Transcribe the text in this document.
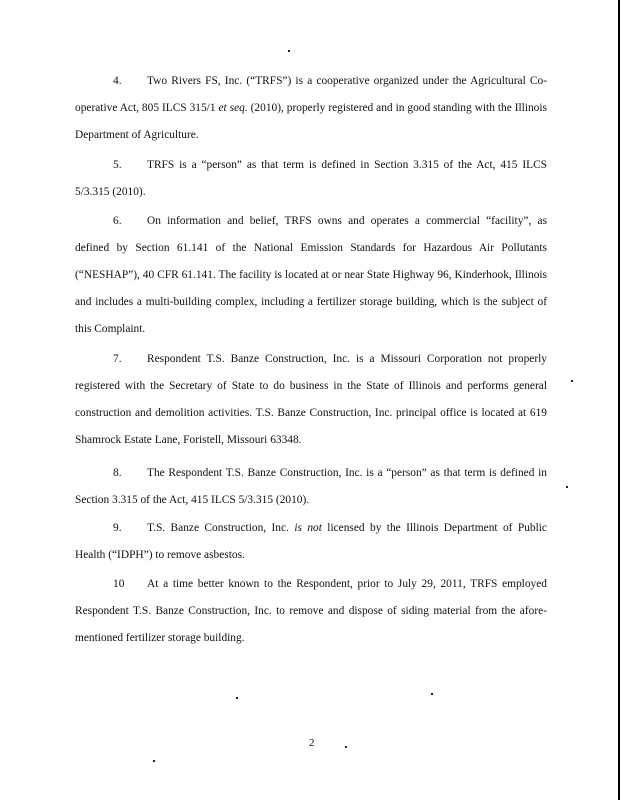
4. Two Rivers FS, Inc. (“TRFS”) is a cooperative organized under the Agricultural Co-operative Act, 805 ILCS 315/1 et seq. (2010), properly registered and in good standing with the Illinois Department of Agriculture.

5. TRFS is a “person” as that term is defined in Section 3.315 of the Act, 415 ILCS 5/3.315 (2010).

6. On information and belief, TRFS owns and operates a commercial “facility”, as defined by Section 61.141 of the National Emission Standards for Hazardous Air Pollutants (“NESHAP”), 40 CFR 61.141. The facility is located at or near State Highway 96, Kinderhook, Illinois and includes a multi-building complex, including a fertilizer storage building, which is the subject of this Complaint.

7. Respondent T.S. Banze Construction, Inc. is a Missouri Corporation not properly registered with the Secretary of State to do business in the State of Illinois and performs general construction and demolition activities. T.S. Banze Construction, Inc. principal office is located at 619 Shamrock Estate Lane, Foristell, Missouri 63348.

8. The Respondent T.S. Banze Construction, Inc. is a “person” as that term is defined in Section 3.315 of the Act, 415 ILCS 5/3.315 (2010).

9. T.S. Banze Construction, Inc. is not licensed by the Illinois Department of Public Health (“IDPH”) to remove asbestos.

10 At a time better known to the Respondent, prior to July 29, 2011, TRFS employed Respondent T.S. Banze Construction, Inc. to remove and dispose of siding material from the afore-mentioned fertilizer storage building.

2
